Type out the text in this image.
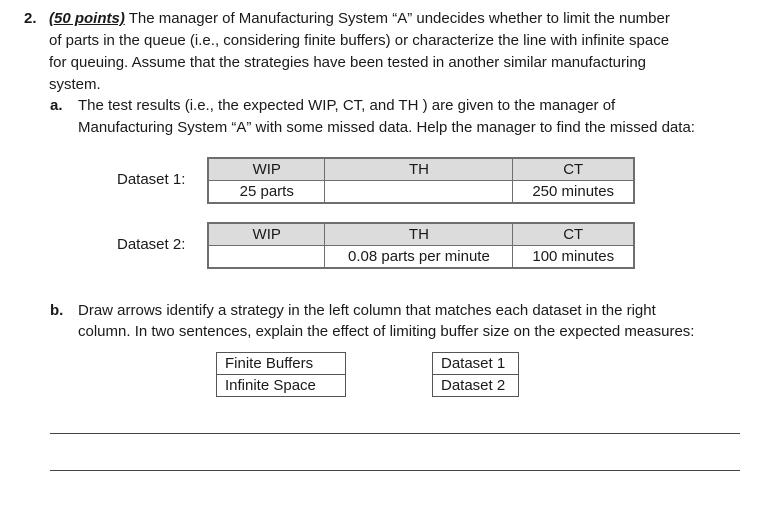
2. (50 points) The manager of Manufacturing System “A” undecides whether to limit the number
of parts in the queue (i.e., considering finite buffers) or characterize the line with infinite space
for queuing. Assume that the strategies have been tested in another similar manufacturing
system.
a. The test results (i.e., the expected WIP, CT, and TH ) are given to the manager of
Manufacturing System “A” with some missed data. Help the manager to find the missed data:
Dataset 1:
WIP	TH	CT
25 parts		250 minutes
Dataset 2:
WIP	TH	CT
	0.08 parts per minute	100 minutes
b. Draw arrows identify a strategy in the left column that matches each dataset in the right
column. In two sentences, explain the effect of limiting buffer size on the expected measures:
Finite Buffers
Infinite Space
Dataset 1
Dataset 2
